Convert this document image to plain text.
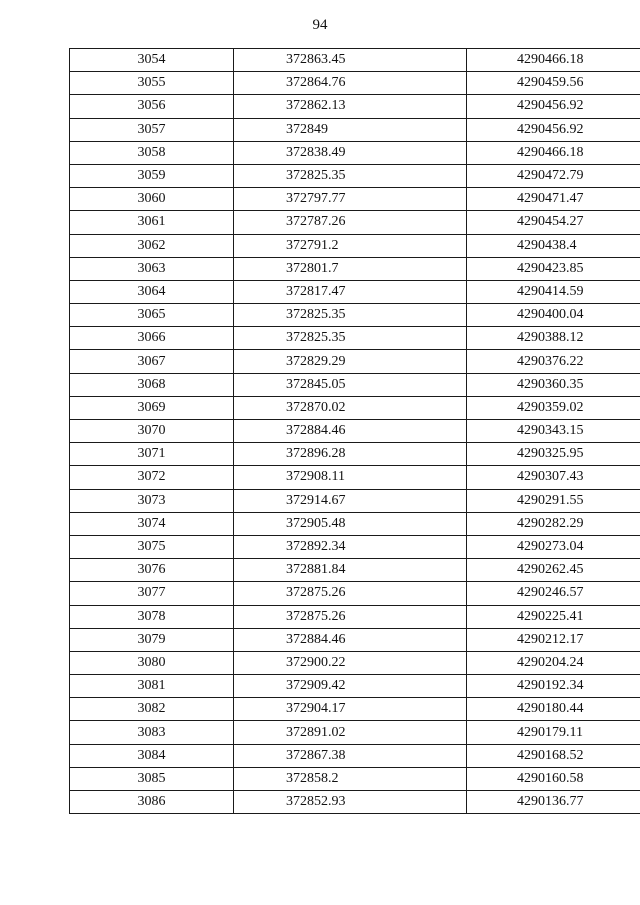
94
3054	372863.45	4290466.18
3055	372864.76	4290459.56
3056	372862.13	4290456.92
3057	372849	4290456.92
3058	372838.49	4290466.18
3059	372825.35	4290472.79
3060	372797.77	4290471.47
3061	372787.26	4290454.27
3062	372791.2	4290438.4
3063	372801.7	4290423.85
3064	372817.47	4290414.59
3065	372825.35	4290400.04
3066	372825.35	4290388.12
3067	372829.29	4290376.22
3068	372845.05	4290360.35
3069	372870.02	4290359.02
3070	372884.46	4290343.15
3071	372896.28	4290325.95
3072	372908.11	4290307.43
3073	372914.67	4290291.55
3074	372905.48	4290282.29
3075	372892.34	4290273.04
3076	372881.84	4290262.45
3077	372875.26	4290246.57
3078	372875.26	4290225.41
3079	372884.46	4290212.17
3080	372900.22	4290204.24
3081	372909.42	4290192.34
3082	372904.17	4290180.44
3083	372891.02	4290179.11
3084	372867.38	4290168.52
3085	372858.2	4290160.58
3086	372852.93	4290136.77
